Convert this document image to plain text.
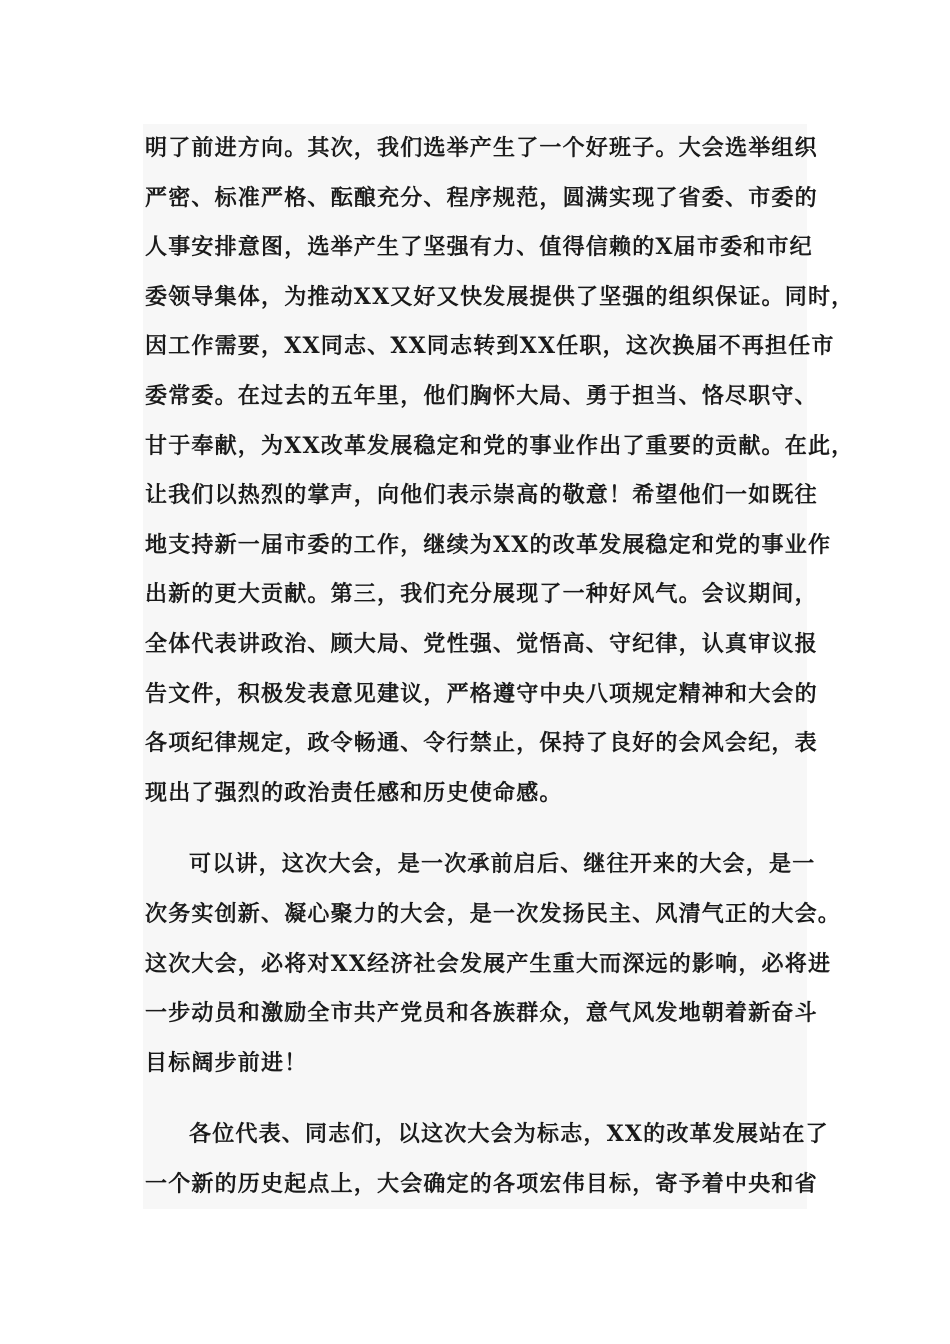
明了前进方向。其次，我们选举产生了一个好班子。大会选举组织
严密、标准严格、酝酿充分、程序规范，圆满实现了省委、市委的
人事安排意图，选举产生了坚强有力、值得信赖的X届市委和市纪
委领导集体，为推动XX又好又快发展提供了坚强的组织保证。同时，
因工作需要，XX同志、XX同志转到XX任职，这次换届不再担任市
委常委。在过去的五年里，他们胸怀大局、勇于担当、恪尽职守、
甘于奉献，为XX改革发展稳定和党的事业作出了重要的贡献。在此，
让我们以热烈的掌声，向他们表示崇高的敬意！希望他们一如既往
地支持新一届市委的工作，继续为XX的改革发展稳定和党的事业作
出新的更大贡献。第三，我们充分展现了一种好风气。会议期间，
全体代表讲政治、顾大局、党性强、觉悟高、守纪律，认真审议报
告文件，积极发表意见建议，严格遵守中央八项规定精神和大会的
各项纪律规定，政令畅通、令行禁止，保持了良好的会风会纪，表
现出了强烈的政治责任感和历史使命感。
可以讲，这次大会，是一次承前启后、继往开来的大会，是一
次务实创新、凝心聚力的大会，是一次发扬民主、风清气正的大会。
这次大会，必将对XX经济社会发展产生重大而深远的影响，必将进
一步动员和激励全市共产党员和各族群众，意气风发地朝着新奋斗
目标阔步前进！
各位代表、同志们，以这次大会为标志，XX的改革发展站在了
一个新的历史起点上，大会确定的各项宏伟目标，寄予着中央和省
